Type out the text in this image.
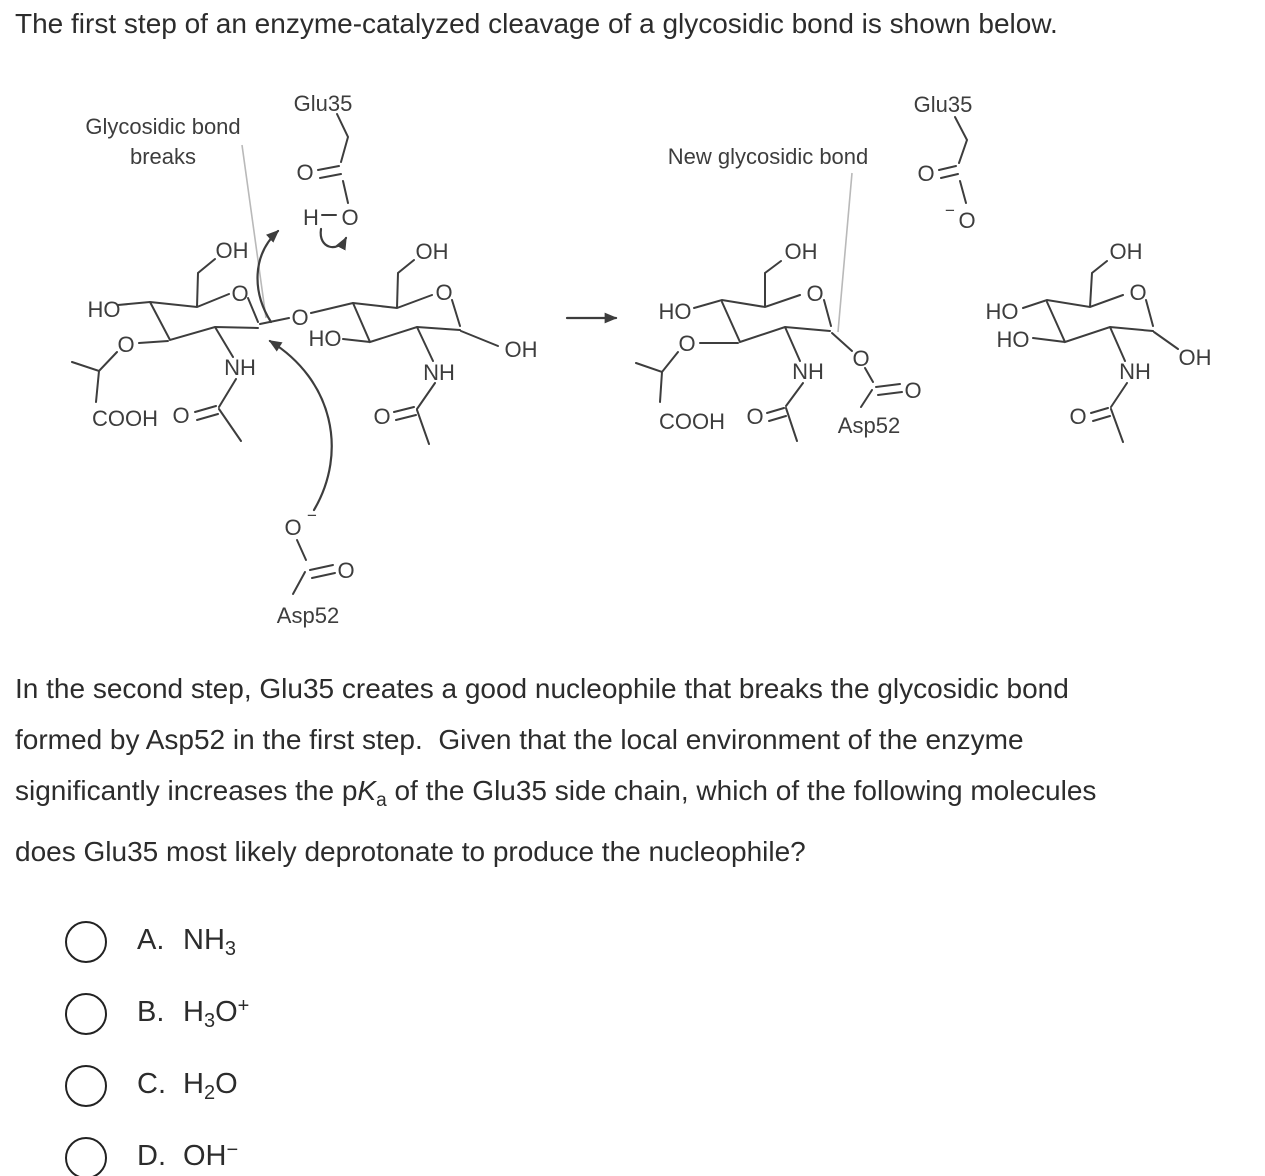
The first step of an enzyme-catalyzed cleavage of a glycosidic bond is shown below.
Glycosidic bond
breaks
Glu35
O
H O
OH
O
HO
O
COOH
NH
O
O
HO
OH
O
OH
NH
O
O −
O
Asp52
New glycosidic bond
Glu35
O
O
−
OH
O
HO
O
COOH
NH
O
O
O
Asp52
OH
O
HO
HO
OH
NH
O
In the second step, Glu35 creates a good nucleophile that breaks the glycosidic bond
formed by Asp52 in the first step.  Given that the local environment of the enzyme
significantly increases the $pK_a$ of the Glu35 side chain, which of the following molecules
does Glu35 most likely deprotonate to produce the nucleophile?
A. $NH_3$
B. $H_3O^+$
C. $H_2O$
D. OH−
